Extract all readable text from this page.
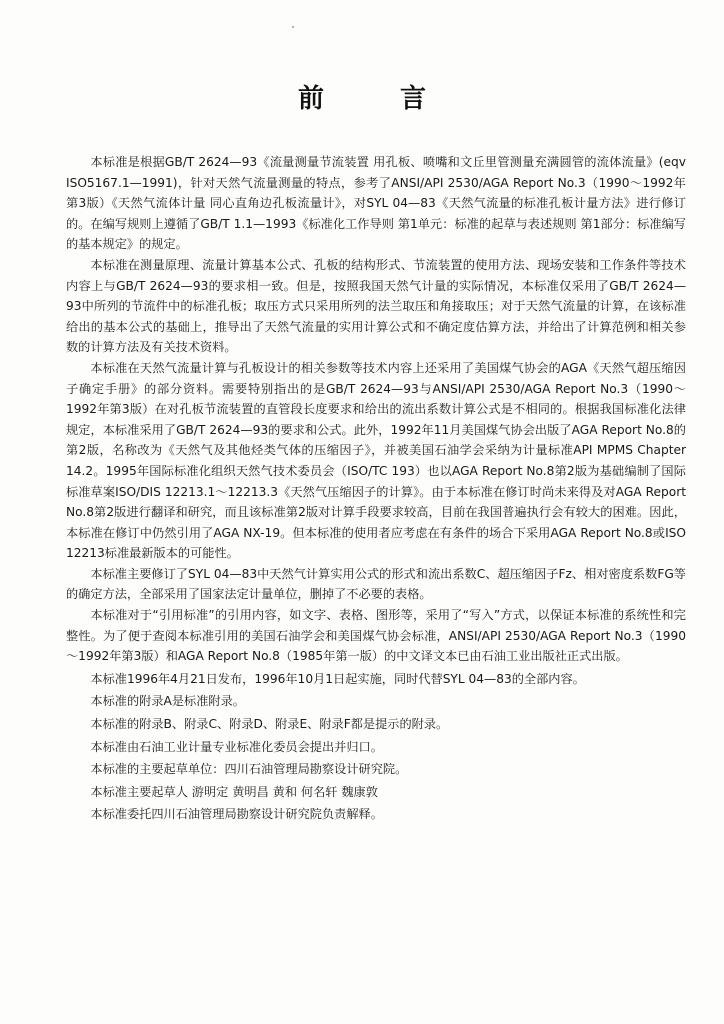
前言

本标准是根据GB/T 2624—93《流量测量节流装置 用孔板、喷嘴和文丘里管测量充满圆管的流体流量》(eqv ISO5167.1—1991)，针对天然气流量测量的特点，参考了ANSI/API 2530/AGA Report No.3（1990～1992年第3版）《天然气流体计量 同心直角边孔板流量计》，对SYL 04—83《天然气流量的标准孔板计量方法》进行修订的。在编写规则上遵循了GB/T 1.1—1993《标准化工作导则 第1单元：标准的起草与表述规则 第1部分：标准编写的基本规定》的规定。

本标准在测量原理、流量计算基本公式、孔板的结构形式、节流装置的使用方法、现场安装和工作条件等技术内容上与GB/T 2624—93的要求相一致。但是，按照我国天然气计量的实际情况，本标准仅采用了GB/T 2624—93中所列的节流件中的标准孔板；取压方式只采用所列的法兰取压和角接取压；对于天然气流量的计算，在该标准给出的基本公式的基础上，推导出了天然气流量的实用计算公式和不确定度估算方法，并给出了计算范例和相关参数的计算方法及有关技术资料。

本标准在天然气流量计算与孔板设计的相关参数等技术内容上还采用了美国煤气协会的AGA《天然气超压缩因子确定手册》的部分资料。需要特别指出的是GB/T 2624—93与ANSI/API 2530/AGA Report No.3（1990～1992年第3版）在对孔板节流装置的直管段长度要求和给出的流出系数计算公式是不相同的。根据我国标准化法律规定，本标准采用了GB/T 2624—93的要求和公式。此外，1992年11月美国煤气协会出版了AGA Report No.8的第2版，名称改为《天然气及其他烃类气体的压缩因子》，并被美国石油学会采纳为计量标准API MPMS Chapter 14.2。1995年国际标准化组织天然气技术委员会（ISO/TC 193）也以AGA Report No.8第2版为基础编制了国际标准草案ISO/DIS 12213.1～12213.3《天然气压缩因子的计算》。由于本标准在修订时尚未来得及对AGA Report No.8第2版进行翻译和研究，而且该标准第2版对计算手段要求较高，目前在我国普遍执行会有较大的困难。因此，本标准在修订中仍然引用了AGA NX-19。但本标准的使用者应考虑在有条件的场合下采用AGA Report No.8或ISO 12213标准最新版本的可能性。

本标准主要修订了SYL 04—83中天然气计算实用公式的形式和流出系数C、超压缩因子Fz、相对密度系数FG等的确定方法，全部采用了国家法定计量单位，删掉了不必要的表格。

本标准对于“引用标准”的引用内容，如文字、表格、图形等，采用了“写入”方式，以保证本标准的系统性和完整性。为了便于查阅本标准引用的美国石油学会和美国煤气协会标准，ANSI/API 2530/AGA Report No.3（1990～1992年第3版）和AGA Report No.8（1985年第一版）的中文译文本已由石油工业出版社正式出版。

本标准1996年4月21日发布，1996年10月1日起实施，同时代替SYL 04—83的全部内容。

本标准的附录A是标准附录。

本标准的附录B、附录C、附录D、附录E、附录F都是提示的附录。

本标准由石油工业计量专业标准化委员会提出并归口。

本标准的主要起草单位：四川石油管理局勘察设计研究院。

本标准主要起草人 游明定 黄明昌 黄和 何名轩 魏康敦

本标准委托四川石油管理局勘察设计研究院负责解释。
